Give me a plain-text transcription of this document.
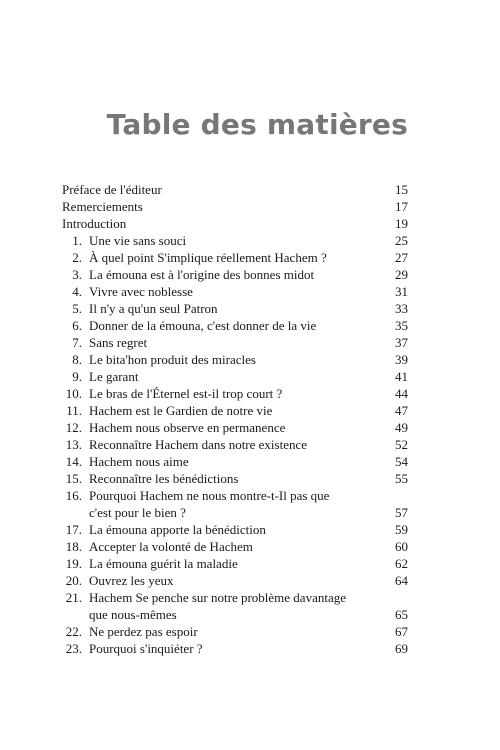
Table des matières
Préface de l'éditeur	15
Remerciements	17
Introduction	19
1. Une vie sans souci	25
2. À quel point S'implique réellement Hachem ?	27
3. La émouna est à l'origine des bonnes midot	29
4. Vivre avec noblesse	31
5. Il n'y a qu'un seul Patron	33
6. Donner de la émouna, c'est donner de la vie	35
7. Sans regret	37
8. Le bita'hon produit des miracles	39
9. Le garant	41
10. Le bras de l'Éternel est-il trop court ?	44
11. Hachem est le Gardien de notre vie	47
12. Hachem nous observe en permanence	49
13. Reconnaître Hachem dans notre existence	52
14. Hachem nous aime	54
15. Reconnaître les bénédictions	55
16. Pourquoi Hachem ne nous montre-t-Il pas que
c'est pour le bien ?	57
17. La émouna apporte la bénédiction	59
18. Accepter la volonté de Hachem	60
19. La émouna guérit la maladie	62
20. Ouvrez les yeux	64
21. Hachem Se penche sur notre problème davantage
que nous-mêmes	65
22. Ne perdez pas espoir	67
23. Pourquoi s'inquiéter ?	69
